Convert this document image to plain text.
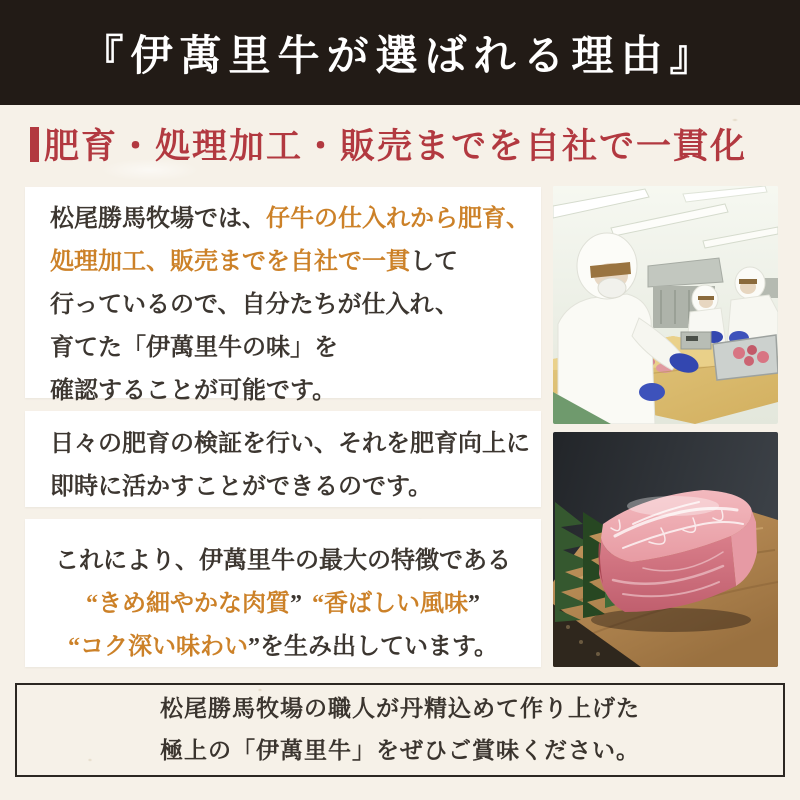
『伊萬里牛が選ばれる理由』
肥育・処理加工・販売までを自社で一貫化

松尾勝馬牧場では、仔牛の仕入れから肥育、
処理加工、販売までを自社で一貫して
行っているので、自分たちが仕入れ、
育てた「伊萬里牛の味」を
確認することが可能です。

日々の肥育の検証を行い、それを肥育向上に
即時に活かすことができるのです。

これにより、伊萬里牛の最大の特徴である
“きめ細やかな肉質” “香ばしい風味”
“コク深い味わい”を生み出しています。

松尾勝馬牧場の職人が丹精込めて作り上げた

極上の「伊萬里牛」をぜひご賞味ください。
